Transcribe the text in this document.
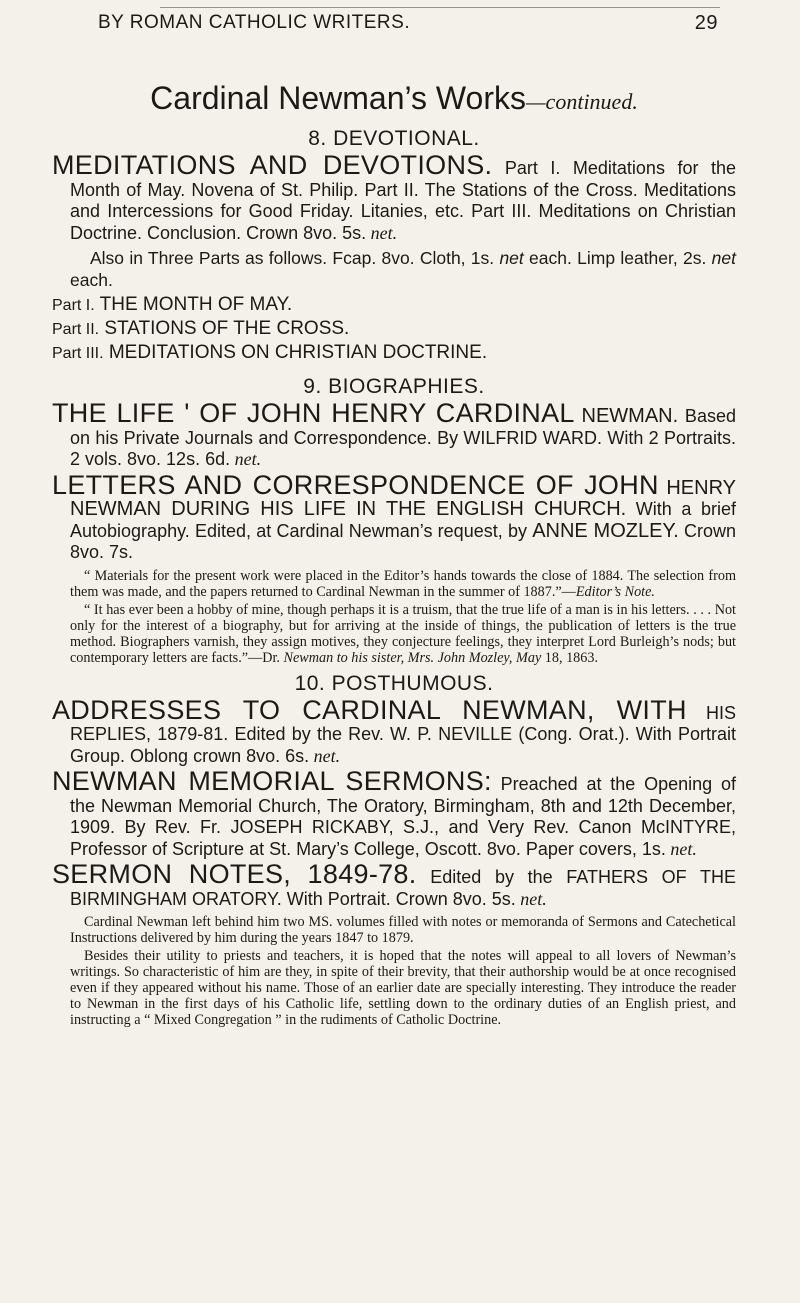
BY ROMAN CATHOLIC WRITERS.	29
Cardinal Newman’s Works—continued.
8. DEVOTIONAL.

MEDITATIONS AND DEVOTIONS. Part I. Meditations for the Month of May. Novena of St. Philip. Part II. The Stations of the Cross. Meditations and Intercessions for Good Friday. Litanies, etc. Part III. Meditations on Christian Doctrine. Conclusion. Crown 8vo. 5s. net.

Also in Three Parts as follows. Fcap. 8vo. Cloth, 1s. net each. Limp leather, 2s. net each.

Part I. THE MONTH OF MAY.

Part II. STATIONS OF THE CROSS.

Part III. MEDITATIONS ON CHRISTIAN DOCTRINE.

9. BIOGRAPHIES.

THE LIFE ' OF JOHN HENRY CARDINAL NEWMAN. Based on his Private Journals and Correspondence. By WILFRID WARD. With 2 Portraits. 2 vols. 8vo. 12s. 6d. net.

LETTERS AND CORRESPONDENCE OF JOHN HENRY NEWMAN DURING HIS LIFE IN THE ENGLISH CHURCH. With a brief Autobiography. Edited, at Cardinal Newman’s request, by ANNE MOZLEY. Crown 8vo. 7s.

“ Materials for the present work were placed in the Editor’s hands towards the close of 1884. The selection from them was made, and the papers returned to Cardinal Newman in the summer of 1887.”—Editor’s Note.

“ It has ever been a hobby of mine, though perhaps it is a truism, that the true life of a man is in his letters. . . . Not only for the interest of a biography, but for arriving at the inside of things, the publication of letters is the true method. Biographers varnish, they assign motives, they conjecture feelings, they interpret Lord Burleigh’s nods; but contemporary letters are facts.”—Dr. Newman to his sister, Mrs. John Mozley, May 18, 1863.

10. POSTHUMOUS.

ADDRESSES TO CARDINAL NEWMAN, WITH HIS REPLIES, 1879-81. Edited by the Rev. W. P. NEVILLE (Cong. Orat.). With Portrait Group. Oblong crown 8vo. 6s. net.

NEWMAN MEMORIAL SERMONS: Preached at the Opening of the Newman Memorial Church, The Oratory, Birmingham, 8th and 12th December, 1909. By Rev. Fr. JOSEPH RICKABY, S.J., and Very Rev. Canon McINTYRE, Professor of Scripture at St. Mary’s College, Oscott. 8vo. Paper covers, 1s. net.

SERMON NOTES, 1849-78. Edited by the FATHERS OF THE BIRMINGHAM ORATORY. With Portrait. Crown 8vo. 5s. net.

Cardinal Newman left behind him two MS. volumes filled with notes or memoranda of Sermons and Catechetical Instructions delivered by him during the years 1847 to 1879.

Besides their utility to priests and teachers, it is hoped that the notes will appeal to all lovers of Newman’s writings. So characteristic of him are they, in spite of their brevity, that their authorship would be at once recognised even if they appeared without his name. Those of an earlier date are specially interesting. They introduce the reader to Newman in the first days of his Catholic life, settling down to the ordinary duties of an English priest, and instructing a “ Mixed Congregation ” in the rudiments of Catholic Doctrine.
